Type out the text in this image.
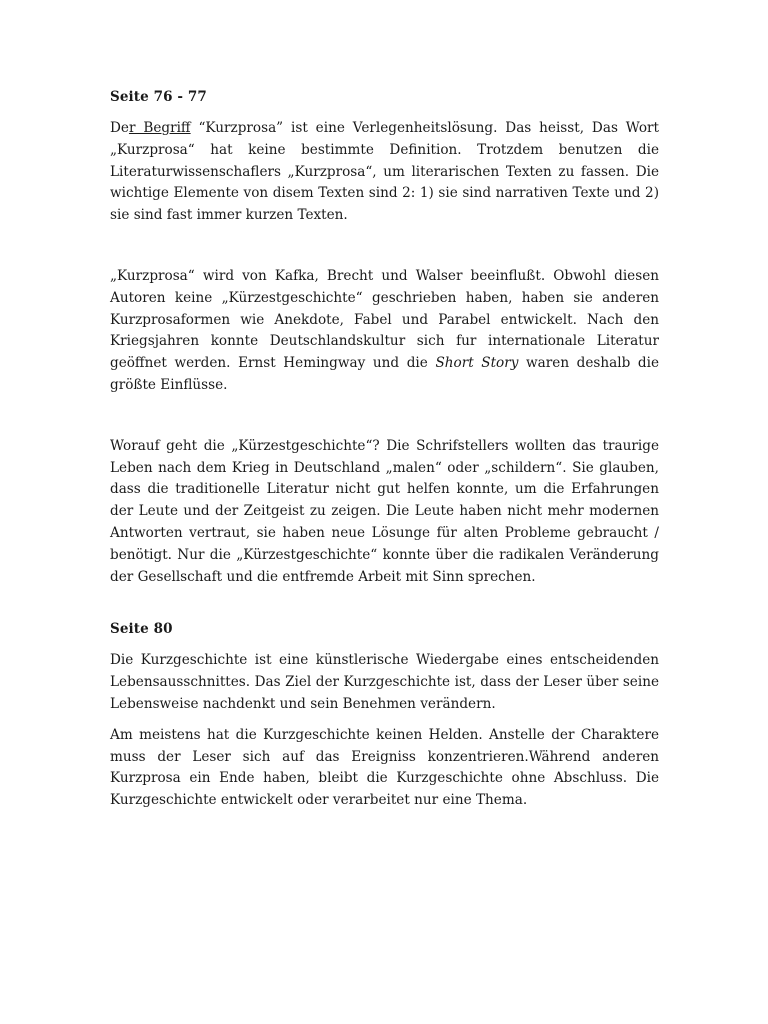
Seite 76 - 77

Der Begriff “Kurzprosa” ist eine Verlegenheitslösung. Das heisst, Das Wort „Kurzprosa“ hat keine bestimmte Definition. Trotzdem benutzen die Literaturwissenschaflers „Kurzprosa“, um literarischen Texten zu fassen. Die wichtige Elemente von disem Texten sind 2: 1) sie sind narrativen Texte und 2) sie sind fast immer kurzen Texten.

„Kurzprosa“ wird von Kafka, Brecht und Walser beeinflußt. Obwohl diesen Autoren keine „Kürzestgeschichte“ geschrieben haben, haben sie anderen Kurzprosaformen wie Anekdote, Fabel und Parabel entwickelt. Nach den Kriegsjahren konnte Deutschlandskultur sich fur internationale Literatur geöffnet werden. Ernst Hemingway und die Short Story waren deshalb die größte Einflüsse.

Worauf geht die „Kürzestgeschichte“? Die Schrifstellers wollten das traurige Leben nach dem Krieg in Deutschland „malen“ oder „schildern“. Sie glauben, dass die traditionelle Literatur nicht gut helfen konnte, um die Erfahrungen der Leute und der Zeitgeist zu zeigen. Die Leute haben nicht mehr modernen Antworten vertraut, sie haben neue Lösunge für alten Probleme gebraucht / benötigt. Nur die „Kürzestgeschichte“ konnte über die radikalen Veränderung der Gesellschaft und die entfremde Arbeit mit Sinn sprechen.

Seite 80

Die Kurzgeschichte ist eine künstlerische Wiedergabe eines entscheidenden Lebensausschnittes. Das Ziel der Kurzgeschichte ist, dass der Leser über seine Lebensweise nachdenkt und sein Benehmen verändern.

Am meistens hat die Kurzgeschichte keinen Helden. Anstelle der Charaktere muss der Leser sich auf das Ereigniss konzentrieren.Während anderen Kurzprosa ein Ende haben, bleibt die Kurzgeschichte ohne Abschluss. Die Kurzgeschichte entwickelt oder verarbeitet nur eine Thema.
